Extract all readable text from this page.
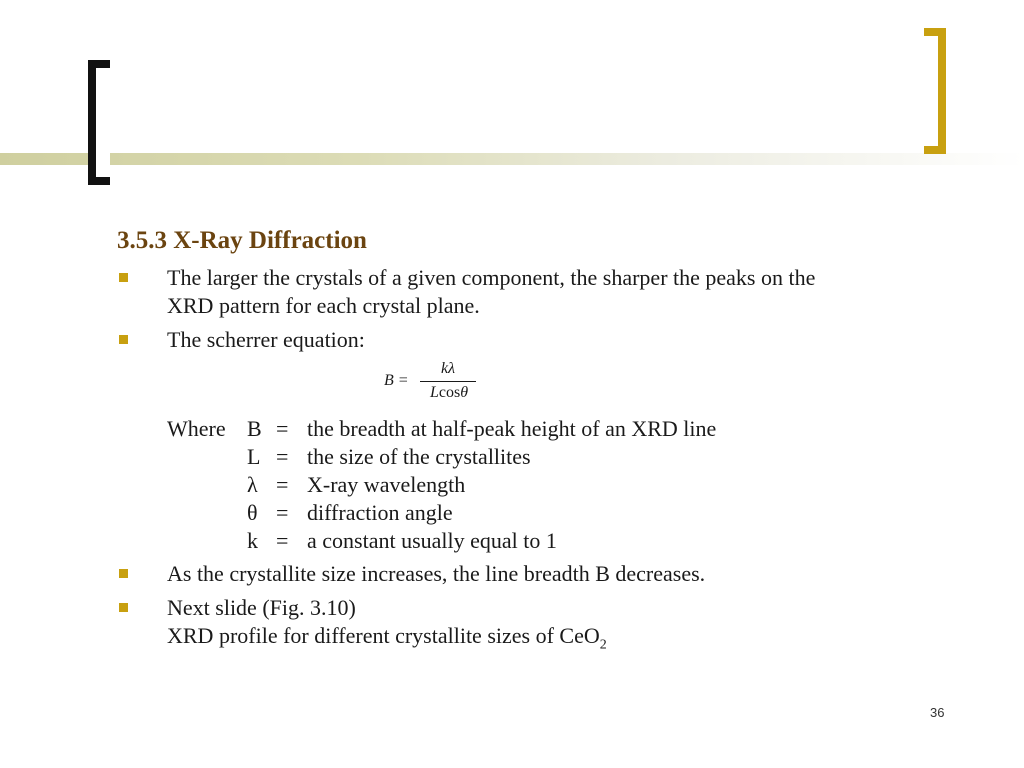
3.5.3 X-Ray Diffraction
The larger the crystals of a given component, the sharper the peaks on the
XRD pattern for each crystal plane.
The scherrer equation:
B =
kλ
Lcosθ
Where B = the breadth at half-peak height of an XRD line
L = the size of the crystallites
λ = X-ray wavelength
θ = diffraction angle
k = a constant usually equal to 1
As the crystallite size increases, the line breadth B decreases.
Next slide (Fig. 3.10)
XRD profile for different crystallite sizes of CeO$_2$
36
